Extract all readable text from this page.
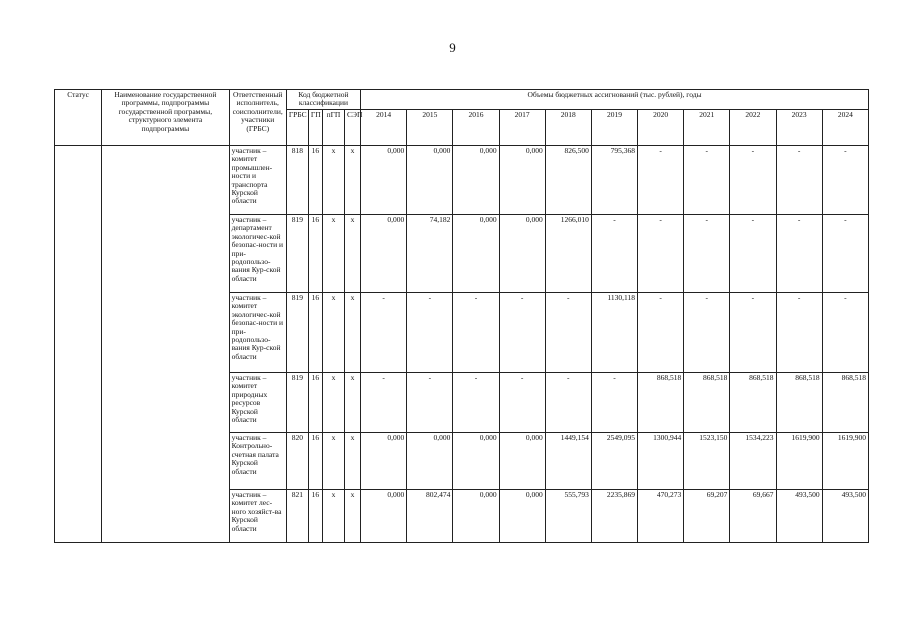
9
Статус	Наименование государственной программы, подпрограммы государственной программы, структурного элемента подпрограммы	Ответственный исполнитель, соисполнители, участники (ГРБС)	Код бюджетной классификации				Объемы бюджетных ассигнований (тыс. рублей), годы										
			ГРБС	ГП	пГП	СЭП	2014	2015	2016	2017	2018	2019	2020	2021	2022	2023	2024
		участник – комитет промышлен-ности и транспорта Курской области	818	16	x	x	0,000	0,000	0,000	0,000	826,500	795,368	-	-	-	-	-
		участник – департамент экологичес-кой безопас-ности и при-родопользо-вания Кур-ской области	819	16	x	x	0,000	74,182	0,000	0,000	1266,010	-	-	-	-	-	-
		участник – комитет экологичес-кой безопас-ности и при-родопользо-вания Кур-ской области	819	16	x	x	-	-	-	-	-	1130,118	-	-	-	-	-
		участник – комитет природных ресурсов Курской области	819	16	x	x	-	-	-	-	-	-	868,518	868,518	868,518	868,518	868,518
		участник – Контрольно-счетная палата Курской области	820	16	x	x	0,000	0,000	0,000	0,000	1449,154	2549,095	1300,944	1523,150	1534,223	1619,900	1619,900
		участник – комитет лес-ного хозяйст-ва Курской области	821	16	x	x	0,000	802,474	0,000	0,000	555,793	2235,869	470,273	69,207	69,667	493,500	493,500
